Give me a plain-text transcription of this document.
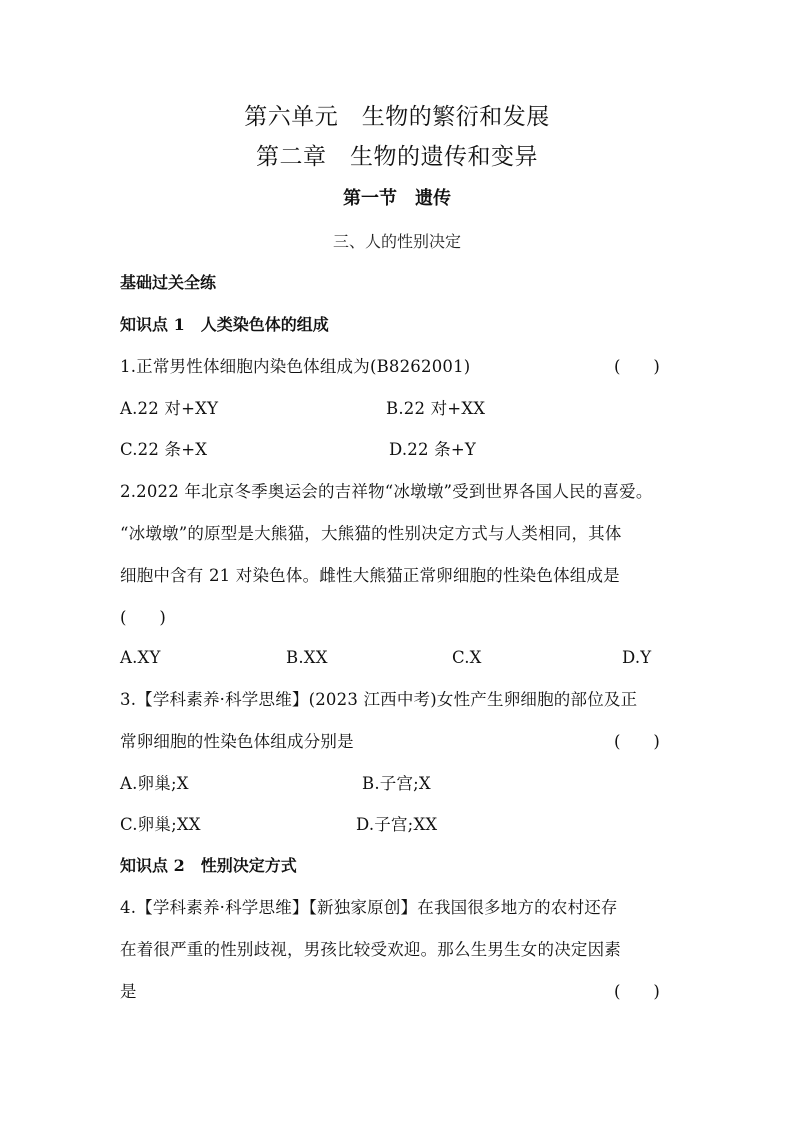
第六单元　生物的繁衍和发展
第二章　生物的遗传和变异
第一节　遗传
三、人的性别决定
基础过关全练
知识点 1　人类染色体的组成
1.正常男性体细胞内染色体组成为(B8262001)	(　　)
A.22 对+XY	B.22 对+XX
C.22 条+X	D.22 条+Y
2.2022 年北京冬季奥运会的吉祥物“冰墩墩”受到世界各国人民的喜爱。
“冰墩墩”的原型是大熊猫，大熊猫的性别决定方式与人类相同，其体
细胞中含有 21 对染色体。雌性大熊猫正常卵细胞的性染色体组成是
(　　)
A.XY	B.XX	C.X	D.Y
3.【学科素养·科学思维】(2023 江西中考)女性产生卵细胞的部位及正
常卵细胞的性染色体组成分别是	(　　)
A.卵巢;X	B.子宫;X
C.卵巢;XX	D.子宫;XX
知识点 2　性别决定方式
4.【学科素养·科学思维】【新独家原创】在我国很多地方的农村还存
在着很严重的性别歧视，男孩比较受欢迎。那么生男生女的决定因素
是	(　　)
